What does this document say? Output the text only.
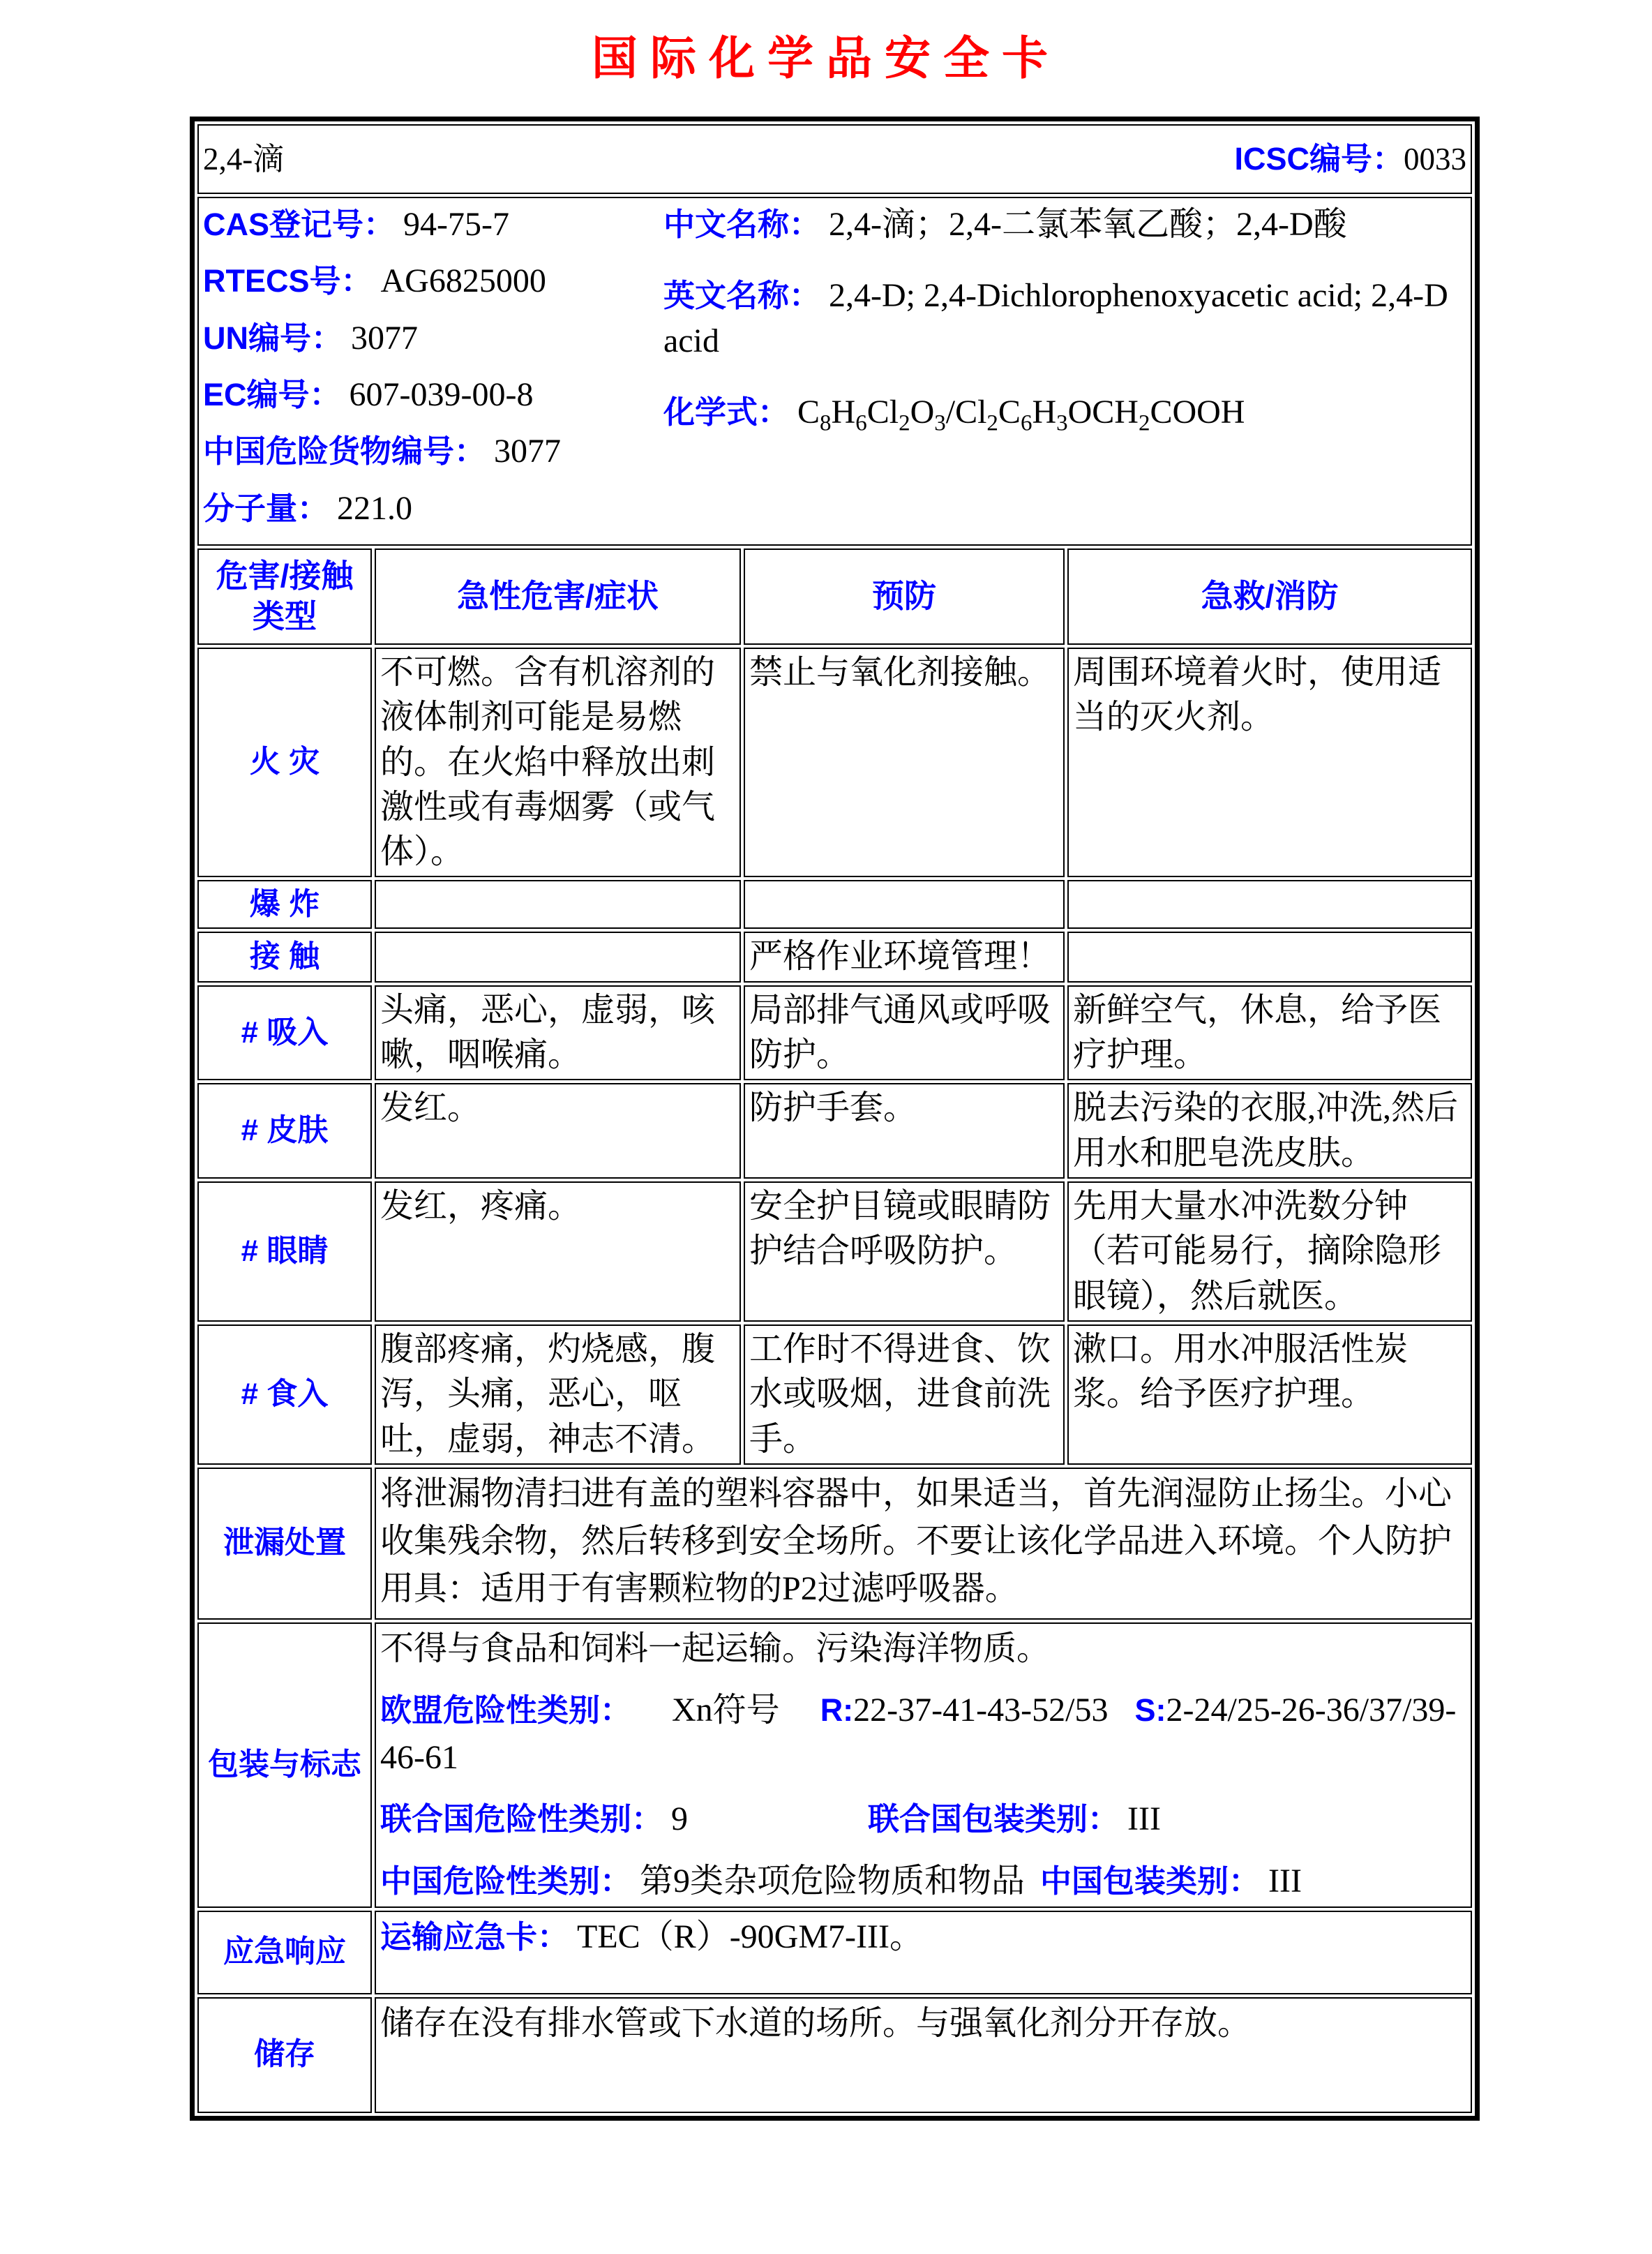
国际化学品安全卡
2,4-滴 ICSC编号：0033			

CAS登记号： 94-75-7
RTECS号： AG6825000
UN编号： 3077
EC编号： 607-039-00-8
中国危险货物编号： 3077
分子量： 221.0

中文名称： 2,4-滴；2,4-二氯苯氧乙酸；2,4-D酸

英文名称： 2,4-D; 2,4-Dichlorophenoxyacetic acid; 2,4-D acid

化学式： $C_8H_6Cl_2O_3/Cl_2C_6H_3OCH_2COOH$

危害/接触
类型	急性危害/症状	预防	急救/消防
火 灾	不可燃。含有机溶剂的液体制剂可能是易燃的。在火焰中释放出刺激性或有毒烟雾（或气体）。	禁止与氧化剂接触。	周围环境着火时，使用适当的灭火剂。
爆 炸			
接 触		严格作业环境管理！	
# 吸入	头痛，恶心，虚弱，咳嗽，咽喉痛。	局部排气通风或呼吸防护。	新鲜空气，休息，给予医疗护理。
# 皮肤	发红。	防护手套。	脱去污染的衣服,冲洗,然后用水和肥皂洗皮肤。
# 眼睛	发红，疼痛。	安全护目镜或眼睛防护结合呼吸防护。	先用大量水冲洗数分钟（若可能易行，摘除隐形眼镜），然后就医。
# 食入	腹部疼痛，灼烧感，腹泻，头痛，恶心，呕吐，虚弱，神志不清。	工作时不得进食、饮水或吸烟，进食前洗手。	漱口。用水冲服活性炭浆。给予医疗护理。
泄漏处置	将泄漏物清扫进有盖的塑料容器中，如果适当，首先润湿防止扬尘。小心收集残余物，然后转移到安全场所。不要让该化学品进入环境。个人防护用具：适用于有害颗粒物的P2过滤呼吸器。		
包装与标志	不得与食品和饲料一起运输。污染海洋物质。

欧盟危险性类别： Xn符号 R:22-37-41-43-52/53 S:2-24/25-26-36/37/39-46-61

联合国危险性类别： 9 联合国包装类别： III

中国危险性类别： 第9类杂项危险物质和物品 中国包装类别： III		

应急响应	运输应急卡： TEC（R）-90GM7-III。		

储存	储存在没有排水管或下水道的场所。与强氧化剂分开存放。		
